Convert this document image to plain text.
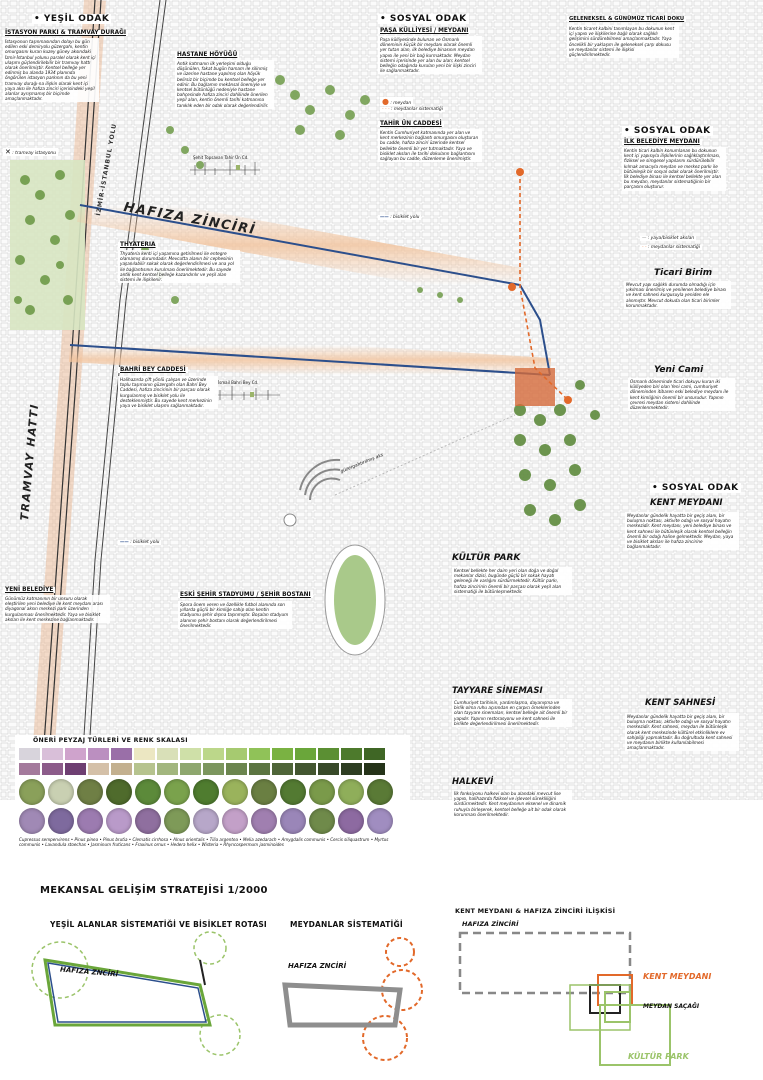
HAFIZA ZİNCİRİ
TRAMVAY HATTI
İZMİR-İSTANBUL YOLU
güzergahtırılmış aks
Şehit Topsavan Tahir Ün Cd.
İsmail Bahri Bey Cd.
• YEŞİL ODAK
İSTASYON PARKI & TRAMVAY DURAĞI
İstasyonun taşınmasından dolayı bu gün edilen eski demiryolu güzergahı, kentin omurgasını kuran kuzey güney aksındaki İzmir-İstanbul yolunu paralel olarak kent içi ulaşımı güçlendirilebilir bir tramvay hattı olarak önerilmiştir. Kentsel belleğe yer edinmiş bu alanda 1934 planında öngörülen istasyon parkının da bu yeni tramvay durağı-na ilişkin olarak kent içi yaya aksı ile hafıza zinciri içerisindeki yeşil alanlar ayrışmamış bir biçimde amaçlanmaktadır.
✕ : tramvay istasyonu
HASTANE HÖYÜĞÜ
Antik katmanın ilk yerleşimi olduğu düşünülen, fakat bugün hamam ile silinmiş ve üzerine hastane yapılmış olan höyük belirsiz bir biçimde bu kentsel belleğe yer edinir. Bu bağlamın mekânsal önemiyle ve kentsel bütünlüğü nedeniyle hastane bahçesinde hafıza zinciri dahilinde önerilen yeşil alan, kentin önemli tarihi katmanına tanıklık eden bir odak olarak değerlendirilir.
• SOSYAL ODAK
PAŞA KÜLLİYESİ / MEYDANI
Paşa külliyesinde bulunan ve Osmanlı döneminin küçük bir meydanı olarak önemli yer tutan alan, ilk belediye binasının meydan yapısı ile yeni bir bağ kurmaktadır. Meydan sistemi içerisinde yer alan bu alan; kentsel belleğin odağında kurulan yeni bir ilişki zinciri ile sağlanmaktadır.
● : meydan
- - - : meydanlar sistematiği
GELENEKSEL & GÜNÜMÜZ TİCARİ DOKU
Kentin ticaret kalbini tanımlayan bu dokunun kent içi yapısı ve ilişkilerine bağlı olarak sağlıklı gelişimini sürdürebilmesi amaçlanmaktadır. Yaya öncelikli bir yaklaşım ile geleneksel çarşı dokusu ve meydanlar sistemi ile ilişkisi güçlendirilmektedir.
• SOSYAL ODAK
İLK BELEDİYE MEYDANI
Kentin ticari kalbin konumlanan bu dokunun kent içi yapısıyla ilişkilerinin sağlıklaştırılması, fiziksel ve simgesel yapılarını sürdürülebilir kılmak amacıyla meydan ve merkez parkı ile bütünleşik bir sosyal odak olarak önerilmiştir. İlk belediye binası ile kentsel bellekte yer alan bu meydan, meydanlar sistematiğinin bir parçasını oluşturur.
— : yaya/bisiklet aksları
- - : meydanlar sistematiği
TAHİR ÜN CADDESİ
Kentin Cumhuriyet katmanında yer alan ve kent merkezinin bağlantı omurgasını oluşturan bu cadde, hafıza zinciri üzerinde kentsel bellekte önemli bir yer tutmaktadır. Yaya ve bisiklet aksları ile tarihi dokuların bağlantısını sağlayan bu cadde, düzenleme önerilmiştir.
—— : bisiklet yolu
THYATERIA
Thyateria kenti içi yaşamına getirilmesi ile entegre olamamış durumdadır. Mevcutta alanın bir cephesinin yaşanılabilir sokak olarak değerlendirilmesi ve ana yol ile bağlantısının kurulması önerilmektedir. Bu sayede antik kent kentsel belleğe kazandırılır ve yeşil alan sistemi ile ilişkilenir.
Ticari Birim
Mevcut yapı sağlıklı durumda olmadığı için yıkılması önerilmiş ve yenilenen belediye binası ve kent sahnesi kurgusuyla yeniden ele alınmıştır. Mevcut dokuda olan ticari birimler korunmaktadır.
Yeni Cami
Osmanlı döneminde ticari dokuyu kuran iki külliyeden biri olan Yeni cami, cumhuriyet döneminden itibaren eski belediye meydanı ile kent kimliğinin önemli bir unsurudur. Yapının çevresi meydan sistemi dahilinde düzenlenmektedir.
BAHRİ BEY CADDESİ
Halihazırda çift yönlü çalışan ve üzerinde toplu taşımanın güzergahı olan Bahri Bey Caddesi, hafıza zincirinin bir parçası olarak kurgulanmış ve bisiklet yolu ile desteklenmiştir. Bu sayede kent merkezinin yaya ve bisiklet ulaşımı sağlanmaktadır.
—— : bisiklet yolu
• SOSYAL ODAK
KENT MEYDANI
Meydanlar gündelik hayatta bir geçiş alanı, bir buluşma noktası, aktivite odağı ve sosyal hayatın merkezidir. Kent meydanı, yeni belediye binası ve kent sahnesi ile bütünleşik olarak kentsel belleğin önemli bir odağı haline gelmektedir. Meydan, yaya ve bisiklet aksları ile hafıza zincirine bağlanmaktadır.
KÜLTÜR PARK
Kentsel bellekte her daim yeri olan doğa ve doğal mekanlar dizisi, bugünde güçlü bir sokak hayatı geleneği ile varlığını sürdürmektedir. Kültür parkı, hafıza zincirinin önemli bir parçası olarak yeşil alan sistematiği ile bütünleşmektedir.
YENİ BELEDİYE
Günümüz katmanının bir unsuru olarak eleştirilen yeni belediye ile kent meydanı arası diyagonal aksın merkezi park üzerinden kurgulanması önerilmektedir. Yaya ve bisiklet aksları ile kent merkezine bağlanmaktadır.
ESKİ ŞEHİR STADYUMU / ŞEHİR BOSTANI
Spora önem veren ve özellikle futbol alanında son yıllarda güçlü bir kimliğe sahip olan kentin stadyumu şehir dışına taşınmıştır. Boşalan stadyum alanının şehir bostanı olarak değerlendirilmesi önerilmektedir.
TAYYARE SİNEMASI
Cumhuriyet tarihinin, yardımlaşma, dayanışma ve birlik olma ruhu açısından en çarpıcı örneklerinden olan tayyare sinemaları, kentsel belleğe ait önemli bir yapıdır. Yapının restorasyonu ve kent sahnesi ile birlikte değerlendirilmesi önerilmektedir.
HALKEVİ
İlk fonksiyonu halkevi olan bu alandaki mevcut lise yapısı, halihazırda fiziksel ve işlevsel sürekliliğini sürdürmektedir. Kent meydanının eksenel ve dinamik ruhuyla birleşerek, kentsel belleğe ait bir odak olarak korunması önerilmektedir.
KENT SAHNESİ
Meydanlar gündelik hayatta bir geçiş alanı, bir buluşma noktası, aktivite odağı ve sosyal hayatın merkezidir. Kent sahnesi, meydan ile bütünleşik olarak kent merkezinde kültürel etkinliklere ev sahipliği yapmaktadır. Bu doğrultuda kent sahnesi ve meydanın birlikte kullanılabilmesi amaçlanmaktadır.
ÖNERİ PEYZAJ TÜRLERİ VE RENK SKALASI
Cupressus sempervirens • Pinus pinea • Pinus brutia • Clematis cirrhosa • Alnus orientalis • Tilia argentea • Melia azedarach • Amygdalis communis • Cercis siliquastrum • Myrtus communis • Lavandula stoechas • Jasminum fruticans • Fraxinus ornus • Hedera helix • Wisteria • Rhyncospermum jasminoides
MEKANSAL GELİŞİM STRATEJİSİ 1/2000
YEŞİL ALANLAR SİSTEMATİĞİ VE BİSİKLET ROTASI	MEYDANLAR SİSTEMATİĞİ
KENT MEYDANI & HAFIZA ZİNCİRİ İLİŞKİSİ
HAFIZA ZNCİRİ	HAFIZA ZNCİRİ
HAFIZA ZİNCİRİ
KENT MEYDANI
MEYDAN SAÇAĞI
KÜLTÜR PARK
